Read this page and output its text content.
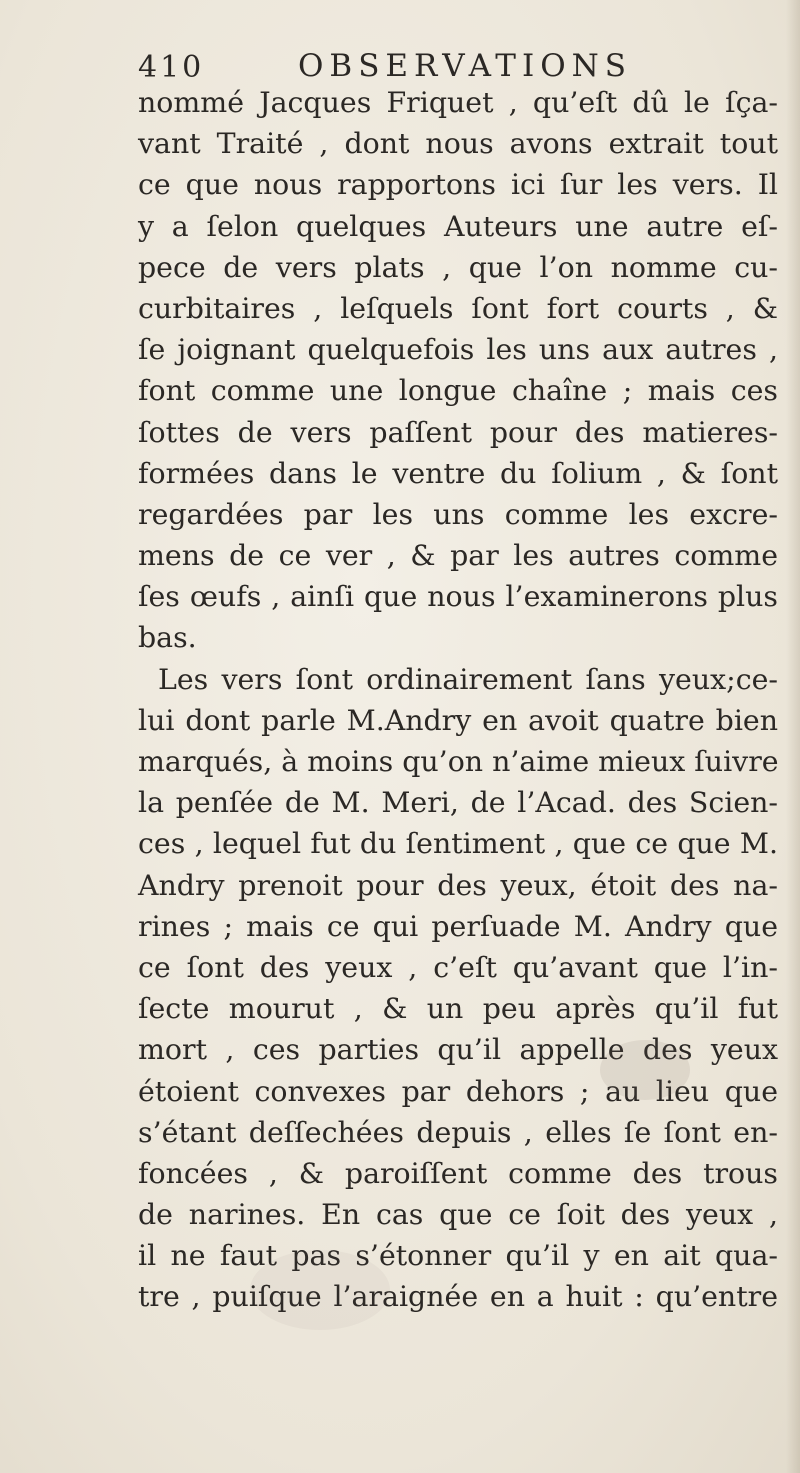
410	OBSERVATIONS
nommé Jacques Friquet , qu’eſt dû le ſça-
vant Traité , dont nous avons extrait tout
ce que nous rapportons ici ſur les vers. Il
y a ſelon quelques Auteurs une autre eſ-
pece de vers plats , que l’on nomme cu-
curbitaires , leſquels ſont fort courts , &
ſe joignant quelquefois les uns aux autres ,
font comme une longue chaîne ; mais ces
ſottes de vers paſſent pour des matieres-
formées dans le ventre du ſolium , & ſont
regardées par les uns comme les excre-
mens de ce ver , & par les autres comme
ſes œufs , ainſi que nous l’examinerons plus
bas.
Les vers ſont ordinairement ſans yeux;ce-
lui dont parle M.Andry en avoit quatre bien
marqués, à moins qu’on n’aime mieux ſuivre
la penſée de M. Meri, de l’Acad. des Scien-
ces , lequel fut du ſentiment , que ce que M.
Andry prenoit pour des yeux, étoit des na-
rines ; mais ce qui perſuade M. Andry que
ce ſont des yeux , c’eſt qu’avant que l’in-
ſecte mourut , & un peu après qu’il fut
mort , ces parties qu’il appelle des yeux
étoient convexes par dehors ; au lieu que
s’étant deſſechées depuis , elles ſe ſont en-
foncées , & paroiſſent comme des trous
de narines. En cas que ce ſoit des yeux ,
il ne faut pas s’étonner qu’il y en ait qua-
tre , puiſque l’araignée en a huit : qu’entre
